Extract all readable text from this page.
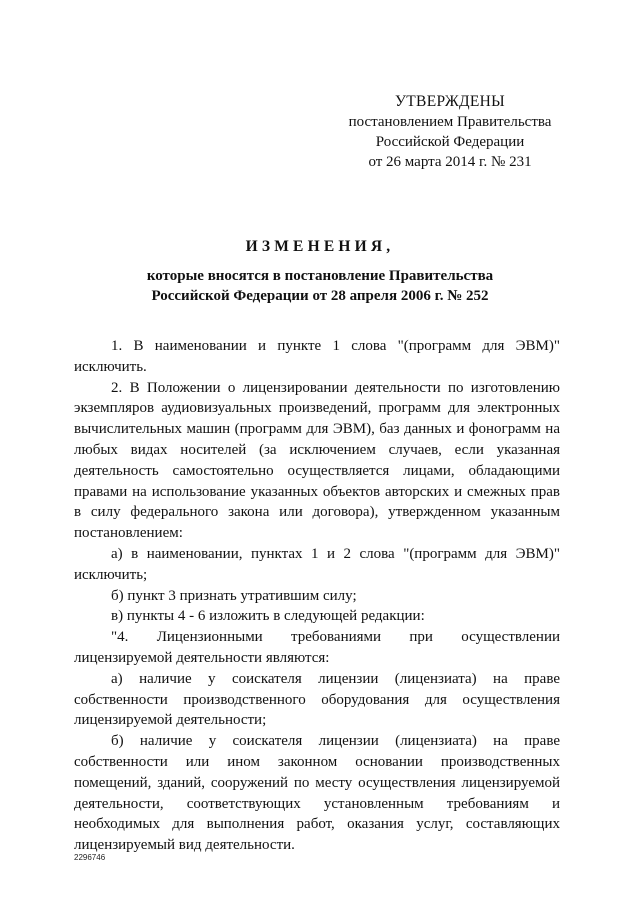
УТВЕРЖДЕНЫ
постановлением Правительства
Российской Федерации
от 26 марта 2014 г. № 231
ИЗМЕНЕНИЯ,
которые вносятся в постановление Правительства
Российской Федерации от 28 апреля 2006 г. № 252

1. В наименовании и пункте 1 слова "(программ для ЭВМ)" исключить.

2. В Положении о лицензировании деятельности по изготовлению экземпляров аудиовизуальных произведений, программ для электронных вычислительных машин (программ для ЭВМ), баз данных и фонограмм на любых видах носителей (за исключением случаев, если указанная деятельность самостоятельно осуществляется лицами, обладающими правами на использование указанных объектов авторских и смежных прав в силу федерального закона или договора), утвержденном указанным постановлением:

а) в наименовании, пунктах 1 и 2 слова "(программ для ЭВМ)" исключить;

б) пункт 3 признать утратившим силу;

в) пункты 4 - 6 изложить в следующей редакции:

"4. Лицензионными требованиями при осуществлении лицензируемой деятельности являются:

а) наличие у соискателя лицензии (лицензиата) на праве собственности производственного оборудования для осуществления лицензируемой деятельности;

б) наличие у соискателя лицензии (лицензиата) на праве собственности или ином законном основании производственных помещений, зданий, сооружений по месту осуществления лицензируемой деятельности, соответствующих установленным требованиям и необходимых для выполнения работ, оказания услуг, составляющих лицензируемый вид деятельности.

2296746
